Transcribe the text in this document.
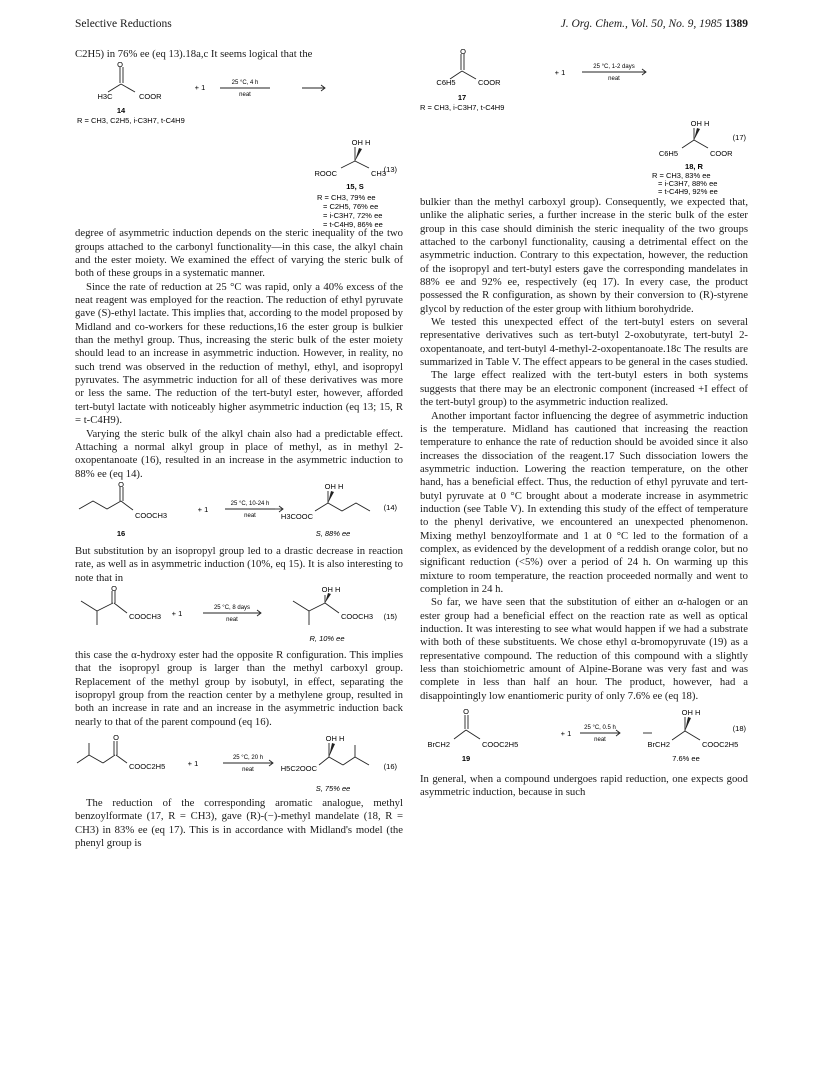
Selective Reductions	J. Org. Chem., Vol. 50, No. 9, 1985 1389

C2H5) in 76% ee (eq 13).18a,c It seems logical that the

O
H3C	COOR
14
R = CH3, C2H5, i-C3H7, t-C4H9
+ 1	25 °C, 4 h
neat
OH H
ROOC	CH3
(13)
15, S
R = CH3, 79% ee
= C2H5, 76% ee
= i-C3H7, 72% ee
= t-C4H9, 86% ee

degree of asymmetric induction depends on the steric inequality of the two groups attached to the carbonyl functionality—in this case, the alkyl chain and the ester moiety. We examined the effect of varying the steric bulk of both of these groups in a systematic manner.

Since the rate of reduction at 25 °C was rapid, only a 40% excess of the neat reagent was employed for the reaction. The reduction of ethyl pyruvate gave (S)-ethyl lactate. This implies that, according to the model proposed by Midland and co-workers for these reductions,16 the ester group is bulkier than the methyl group. Thus, increasing the steric bulk of the ester moiety should lead to an increase in asymmetric induction. However, in reality, no such trend was observed in the reduction of methyl, ethyl, and isopropyl pyruvates. The asymmetric induction for all of these derivatives was more or less the same. The reduction of the tert-butyl ester, however, afforded tert-butyl lactate with noticeably higher asymmetric induction (eq 13; 15, R = t-C4H9).

Varying the steric bulk of the alkyl chain also had a predictable effect. Attaching a normal alkyl group in place of methyl, as in methyl 2-oxopentanoate (16), resulted in an increase in the asymmetric induction to 88% ee (eq 14).

O
COOCH3
16
+ 1
25 °C, 10-24 h
neat
OH H
H3COOC
(14)
S, 88% ee

But substitution by an isopropyl group led to a drastic decrease in reaction rate, as well as in asymmetric induction (10%, eq 15). It is also interesting to note that in

O
COOCH3 + 1
25 °C, 8 days
neat
OH H
COOCH3 (15)
R, 10% ee

this case the α-hydroxy ester had the opposite R configuration. This implies that the isopropyl group is larger than the methyl carboxyl group. Replacement of the methyl group by isobutyl, in effect, separating the isopropyl group from the reaction center by a methylene group, resulted in both an increase in rate and an increase in the asymmetric induction back nearly to that of the parent compound (eq 16).

O
COOC2H5	+ 1
25 °C, 20 h
neat
OH H
H5C2OOC	(16)
S, 75% ee

The reduction of the corresponding aromatic analogue, methyl benzoylformate (17, R = CH3), gave (R)-(−)-methyl mandelate (18, R = CH3) in 83% ee (eq 17). This is in accordance with Midland's model (the phenyl group is

O
C6H5	COOR
17
R = CH3, i-C3H7, t-C4H9
+ 1
25 °C, 1-2 days
neat
OH H
C6H5	COOR
(17)
18, R
R = CH3, 83% ee
= i-C3H7, 88% ee
= t-C4H9, 92% ee

bulkier than the methyl carboxyl group). Consequently, we expected that, unlike the aliphatic series, a further increase in the steric bulk of the ester group in this case should diminish the steric inequality of the two groups attached to the carbonyl functionality, causing a detrimental effect on the asymmetric induction. Contrary to this expectation, however, the reduction of the isopropyl and tert-butyl esters gave the corresponding mandelates in 88% ee and 92% ee, respectively (eq 17). In every case, the product possessed the R configuration, as shown by their conversion to (R)-styrene glycol by reduction of the ester group with lithium borohydride.

We tested this unexpected effect of the tert-butyl esters on several representative derivatives such as tert-butyl 2-oxobutyrate, tert-butyl 2-oxopentanoate, and tert-butyl 4-methyl-2-oxopentanoate.18c The results are summarized in Table V. The effect appears to be general in the cases studied.

The large effect realized with the tert-butyl esters in both systems suggests that there may be an electronic component (increased +I effect of the tert-butyl group) to the asymmetric induction realized.

Another important factor influencing the degree of asymmetric induction is the temperature. Midland has cautioned that increasing the reaction temperature to enhance the rate of reduction should be avoided since it also increases the dissociation of the reagent.17 Such dissociation lowers the asymmetric induction. Lowering the reaction temperature, on the other hand, has a beneficial effect. Thus, the reduction of ethyl pyruvate and tert-butyl pyruvate at 0 °C brought about a moderate increase in asymmetric induction (see Table V). In extending this study of the effect of temperature to the phenyl derivative, we encountered an unexpected phenomenon. Mixing methyl benzoylformate and 1 at 0 °C led to the formation of a complex, as evidenced by the development of a reddish orange color, but no significant reduction (<5%) over a period of 24 h. On warming up this mixture to room temperature, the reaction proceeded normally and went to completion in 24 h.

So far, we have seen that the substitution of either an α-halogen or an ester group had a beneficial effect on the reaction rate as well as optical induction. It was interesting to see what would happen if we had a substrate with both of these substituents. We chose ethyl α-bromopyruvate (19) as a representative compound. The reduction of this compound with a slightly less than stoichiometric amount of Alpine-Borane was very fast and was complete in less than half an hour. The product, however, had a disappointingly low enantiomeric purity of only 7.6% ee (eq 18).

O
BrCH2	COOC2H5
19
+ 1
25 °C, 0.5 h
neat
OH H
BrCH2	COOC2H5
(18)
7.6% ee

In general, when a compound undergoes rapid reduction, one expects good asymmetric induction, because in such
